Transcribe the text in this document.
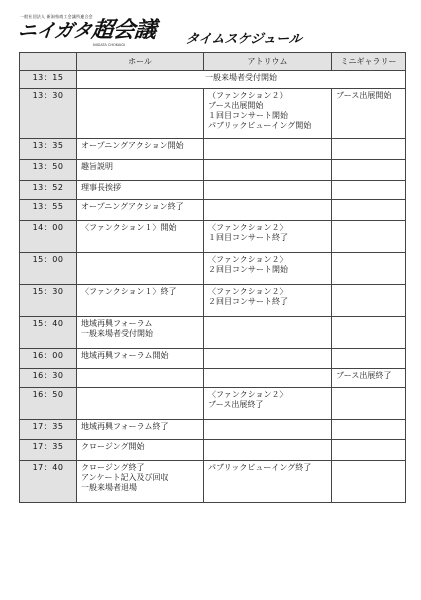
一般社団法人 新潟県商工会議所連合会
ニイガタ超会議
NIIGATA CHOKAIGI	タイムスケジュール
	ホール	アトリウム	ミニギャラリー
13：15	一般来場者受付開始		

13：30		（ファンクション２）
ブース出展開始
１回目コンサート開始
パブリックビューイング開始	ブース出展開始

13：35	オープニングアクション開始		

13：50	趣旨説明		

13：52	理事長挨拶		

13：55	オープニングアクション終了		

14：00	〈ファンクション１〉開始	〈ファンクション２〉
１回目コンサート終了	

15：00		〈ファンクション２〉
２回目コンサート開始	

15：30	〈ファンクション１〉終了	〈ファンクション２〉
２回目コンサート終了	

15：40	地域再興フォーラム
一般来場者受付開始		

16：00	地域再興フォーラム開始		

16：30			ブース出展終了

16：50		〈ファンクション２〉
ブース出展終了	

17：35	地域再興フォーラム終了		

17：35	クロージング開始		

17：40	クロージング終了
アンケート記入及び回収
一般来場者退場	パブリックビューイング終了	
